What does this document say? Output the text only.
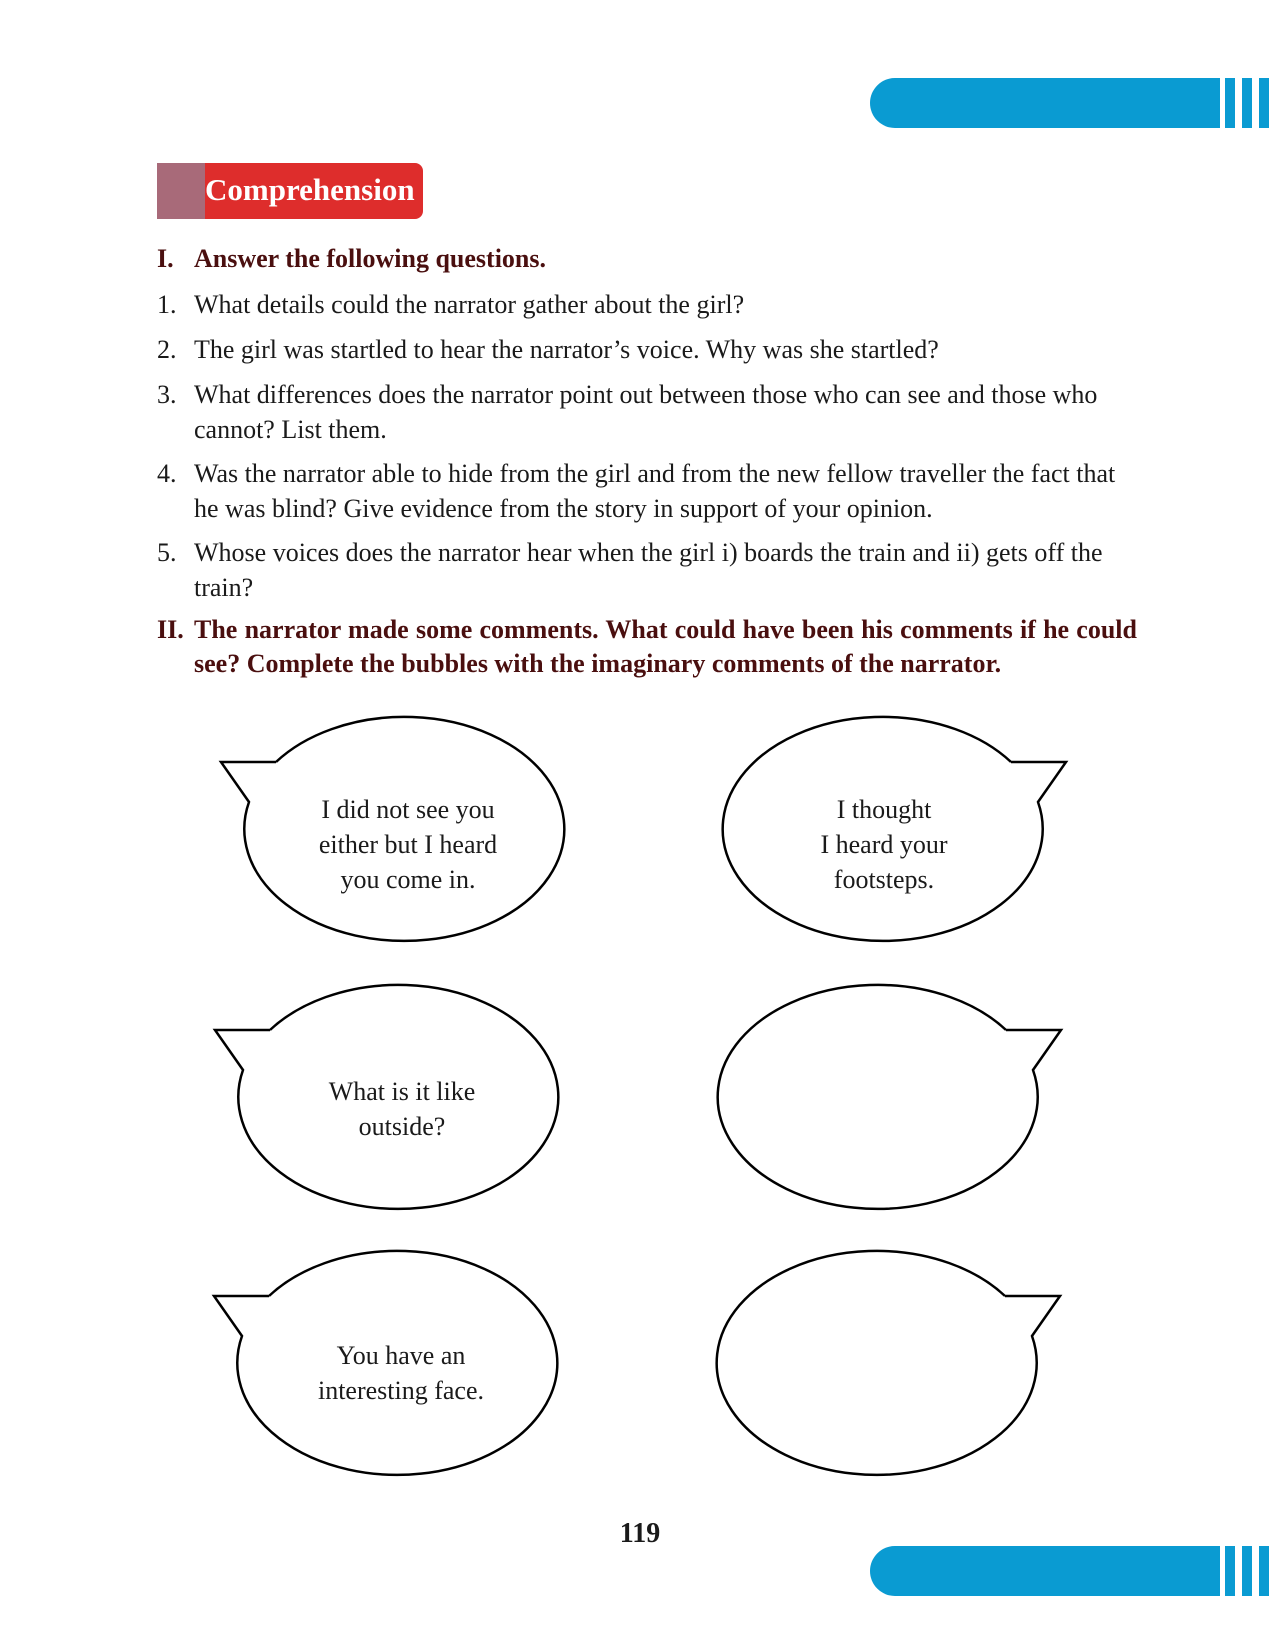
Comprehension
I. Answer the following questions.
1. What details could the narrator gather about the girl?
2. The girl was startled to hear the narrator’s voice. Why was she startled?
3. What differences does the narrator point out between those who can see and those who cannot? List them.
4. Was the narrator able to hide from the girl and from the new fellow traveller the fact that he was blind? Give evidence from the story in support of your opinion.
5. Whose voices does the narrator hear when the girl i) boards the train and ii) gets off the train?
II. The narrator made some comments. What could have been his comments if he could see? Complete the bubbles with the imaginary comments of the narrator.
I did not see you
either but I heard
you come in.
What is it like
outside?
You have an
interesting face.
I thought
I heard your
footsteps.
119
